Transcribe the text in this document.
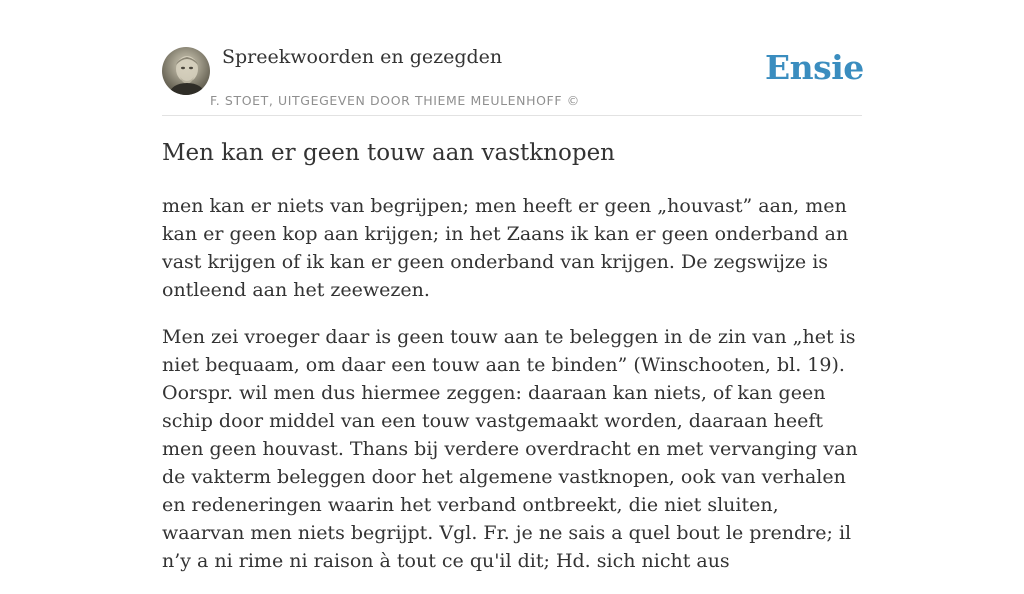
Spreekwoorden en gezegden
F. STOET, UITGEGEVEN DOOR THIEME MEULENHOFF ©
Ensie
Men kan er geen touw aan vastknopen

men kan er niets van begrijpen; men heeft er geen „houvast” aan, men kan er geen kop aan krijgen; in het Zaans ik kan er geen onderband an vast krijgen of ik kan er geen onderband van krijgen. De zegswijze is ontleend aan het zeewezen.

Men zei vroeger daar is geen touw aan te beleggen in de zin van „het is niet bequaam, om daar een touw aan te binden” (Winschooten, bl. 19). Oorspr. wil men dus hiermee zeggen: daaraan kan niets, of kan geen schip door middel van een touw vastgemaakt worden, daaraan heeft men geen houvast. Thans bij verdere overdracht en met vervanging van de vakterm beleggen door het algemene vastknopen, ook van verhalen en redeneringen waarin het verband ontbreekt, die niet sluiten, waarvan men niets begrijpt. Vgl. Fr. je ne sais a quel bout le prendre; il n’y a ni rime ni raison à tout ce qu'il dit; Hd. sich nicht aus
